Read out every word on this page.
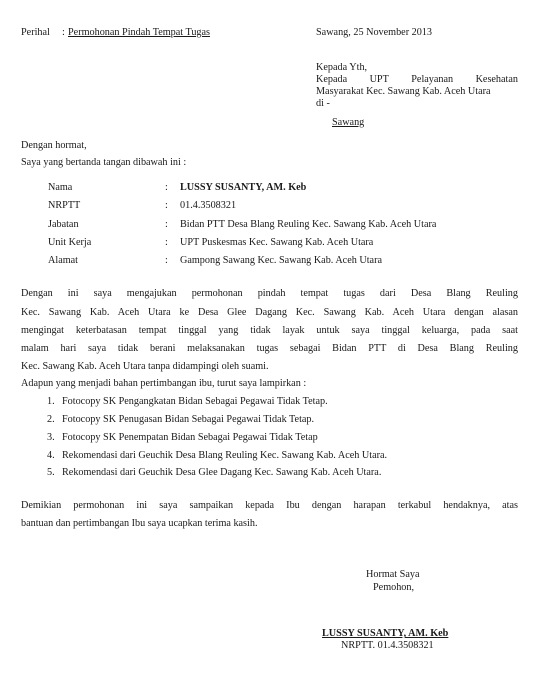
Perihal : Permohonan Pindah Tempat Tugas	Sawang, 25 November 2013
Kepada Yth,
Kepada UPT Pelayanan Kesehatan
Masyarakat Kec. Sawang Kab. Aceh Utara
di -
Sawang
Dengan hormat,
Saya yang bertanda tangan dibawah ini :
Nama	: LUSSY SUSANTY, AM. Keb
NRPTT	: 01.4.3508321
Jabatan	: Bidan PTT Desa Blang Reuling Kec. Sawang Kab. Aceh Utara
Unit Kerja	: UPT Puskesmas Kec. Sawang Kab. Aceh Utara
Alamat	: Gampong Sawang Kec. Sawang Kab. Aceh Utara
Dengan ini saya mengajukan permohonan pindah tempat tugas dari Desa Blang Reuling
Kec. Sawang Kab. Aceh Utara ke Desa Glee Dagang Kec. Sawang Kab. Aceh Utara dengan alasan
mengingat keterbatasan tempat tinggal yang tidak layak untuk saya tinggal keluarga, pada saat
malam hari saya tidak berani melaksanakan tugas sebagai Bidan PTT di Desa Blang Reuling
Kec. Sawang Kab. Aceh Utara tanpa didampingi oleh suami.
Adapun yang menjadi bahan pertimbangan ibu, turut saya lampirkan :
1. Fotocopy SK Pengangkatan Bidan Sebagai Pegawai Tidak Tetap.
2. Fotocopy SK Penugasan Bidan Sebagai Pegawai Tidak Tetap.
3. Fotocopy SK Penempatan Bidan Sebagai Pegawai Tidak Tetap
4. Rekomendasi dari Geuchik Desa Blang Reuling Kec. Sawang Kab. Aceh Utara.
5. Rekomendasi dari Geuchik Desa Glee Dagang Kec. Sawang Kab. Aceh Utara.
Demikian permohonan ini saya sampaikan kepada Ibu dengan harapan terkabul hendaknya, atas
bantuan dan pertimbangan Ibu saya ucapkan terima kasih.
Hormat Saya
Pemohon,
LUSSY SUSANTY, AM. Keb
NRPTT. 01.4.3508321
